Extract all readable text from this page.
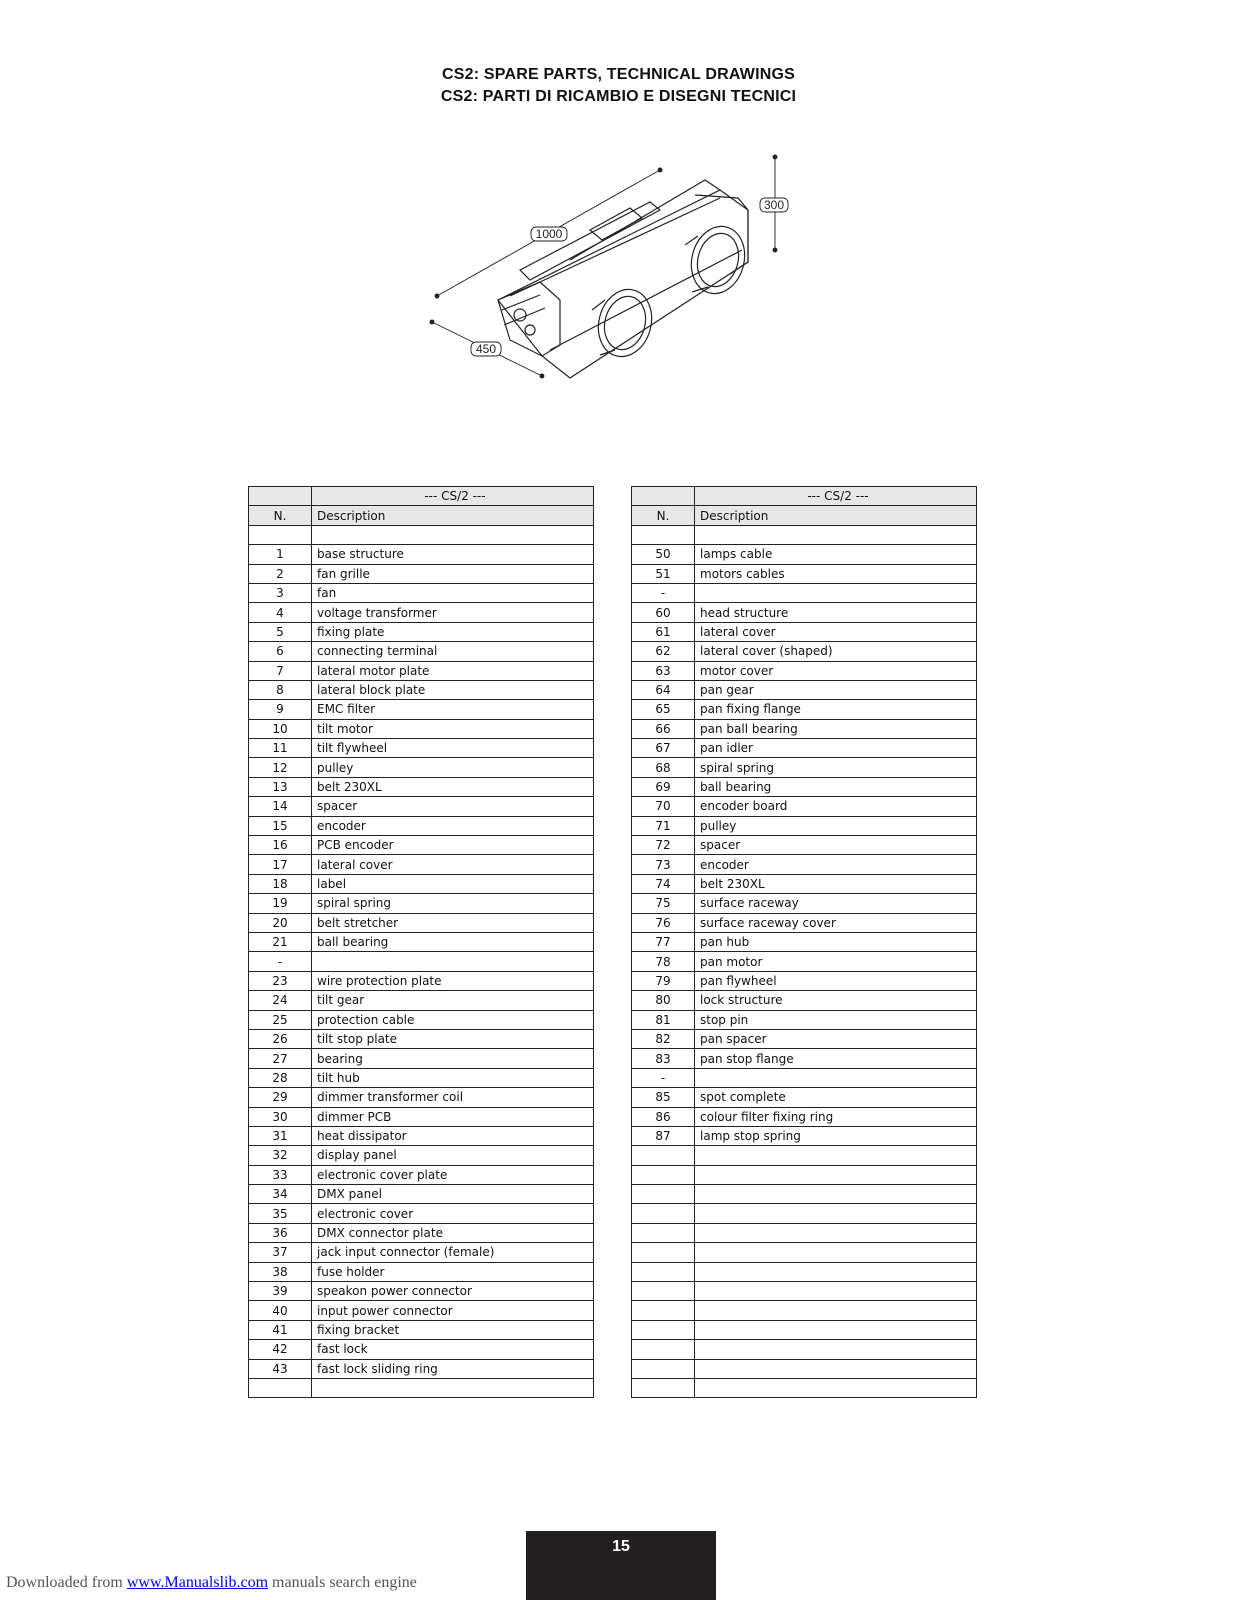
CS2: SPARE PARTS, TECHNICAL DRAWINGS
CS2: PARTI DI RICAMBIO E DISEGNI TECNICI
1000
300
450
	--- CS/2 ---
N.	Description

1	base structure
2	fan grille
3	fan
4	voltage transformer
5	fixing plate
6	connecting terminal
7	lateral motor plate
8	lateral block plate
9	EMC filter
10	tilt motor
11	tilt flywheel
12	pulley
13	belt 230XL
14	spacer
15	encoder
16	PCB encoder
17	lateral cover
18	label
19	spiral spring
20	belt stretcher
21	ball bearing
-	
23	wire protection plate
24	tilt gear
25	protection cable
26	tilt stop plate
27	bearing
28	tilt hub
29	dimmer transformer coil
30	dimmer PCB
31	heat dissipator
32	display panel
33	electronic cover plate
34	DMX panel
35	electronic cover
36	DMX connector plate
37	jack input connector (female)
38	fuse holder
39	speakon power connector
40	input power connector
41	fixing bracket
42	fast lock
43	fast lock sliding ring

	--- CS/2 ---
N.	Description

50	lamps cable
51	motors cables
-	
60	head structure
61	lateral cover
62	lateral cover (shaped)
63	motor cover
64	pan gear
65	pan fixing flange
66	pan ball bearing
67	pan idler
68	spiral spring
69	ball bearing
70	encoder board
71	pulley
72	spacer
73	encoder
74	belt 230XL
75	surface raceway
76	surface raceway cover
77	pan hub
78	pan motor
79	pan flywheel
80	lock structure
81	stop pin
82	pan spacer
83	pan stop flange
-	
85	spot complete
86	colour filter fixing ring
87	lamp stop spring

15
Downloaded from www.Manualslib.com manuals search engine
